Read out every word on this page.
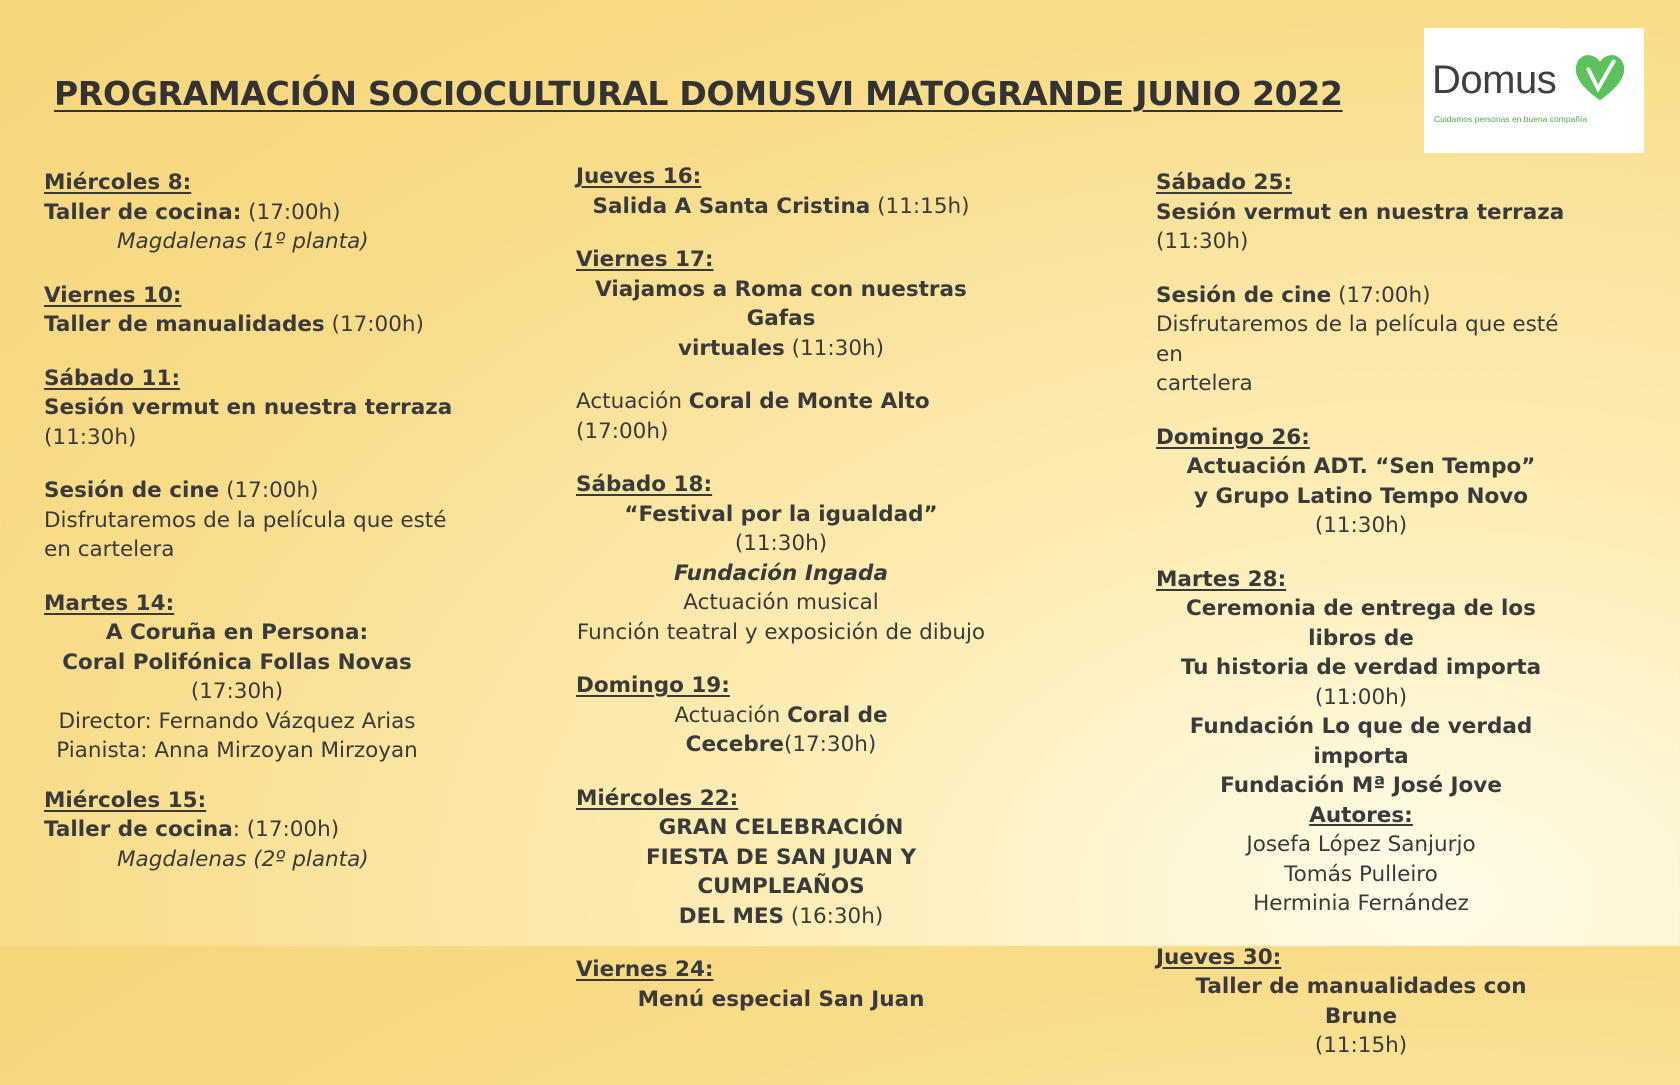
PROGRAMACIÓN SOCIOCULTURAL DOMUSVI MATOGRANDE JUNIO 2022 Domus
Cuidamos personas en buena compañía
Miércoles 8:
Taller de cocina: (17:00h)
Magdalenas (1º planta)
Viernes 10:
Taller de manualidades (17:00h)
Sábado 11:
Sesión vermut en nuestra terraza
(11:30h)
Sesión de cine (17:00h)
Disfrutaremos de la película que esté
en cartelera
Martes 14:
A Coruña en Persona:
Coral Polifónica Follas Novas (17:30h)
Director: Fernando Vázquez Arias
Pianista: Anna Mirzoyan Mirzoyan
Miércoles 15:
Taller de cocina: (17:00h)
Magdalenas (2º planta)
Jueves 16:
Salida A Santa Cristina (11:15h)
Viernes 17:
Viajamos a Roma con nuestras Gafas
virtuales (11:30h)
Actuación Coral de Monte Alto (17:00h)
Sábado 18:
“Festival por la igualdad” (11:30h)
Fundación Ingada
Actuación musical
Función teatral y exposición de dibujo
Domingo 19:
Actuación Coral de Cecebre(17:30h)
Miércoles 22:
GRAN CELEBRACIÓN
FIESTA DE SAN JUAN Y CUMPLEAÑOS
DEL MES (16:30h)
Viernes 24:
Menú especial San Juan
Sábado 25:
Sesión vermut en nuestra terraza
(11:30h)
Sesión de cine (17:00h)
Disfrutaremos de la película que esté en
cartelera
Domingo 26:
Actuación ADT. “Sen Tempo”
y Grupo Latino Tempo Novo (11:30h)
Martes 28:
Ceremonia de entrega de los libros de
Tu historia de verdad importa (11:00h)
Fundación Lo que de verdad importa
Fundación Mª José Jove
Autores:
Josefa López Sanjurjo
Tomás Pulleiro
Herminia Fernández
Jueves 30:
Taller de manualidades con Brune
(11:15h)
